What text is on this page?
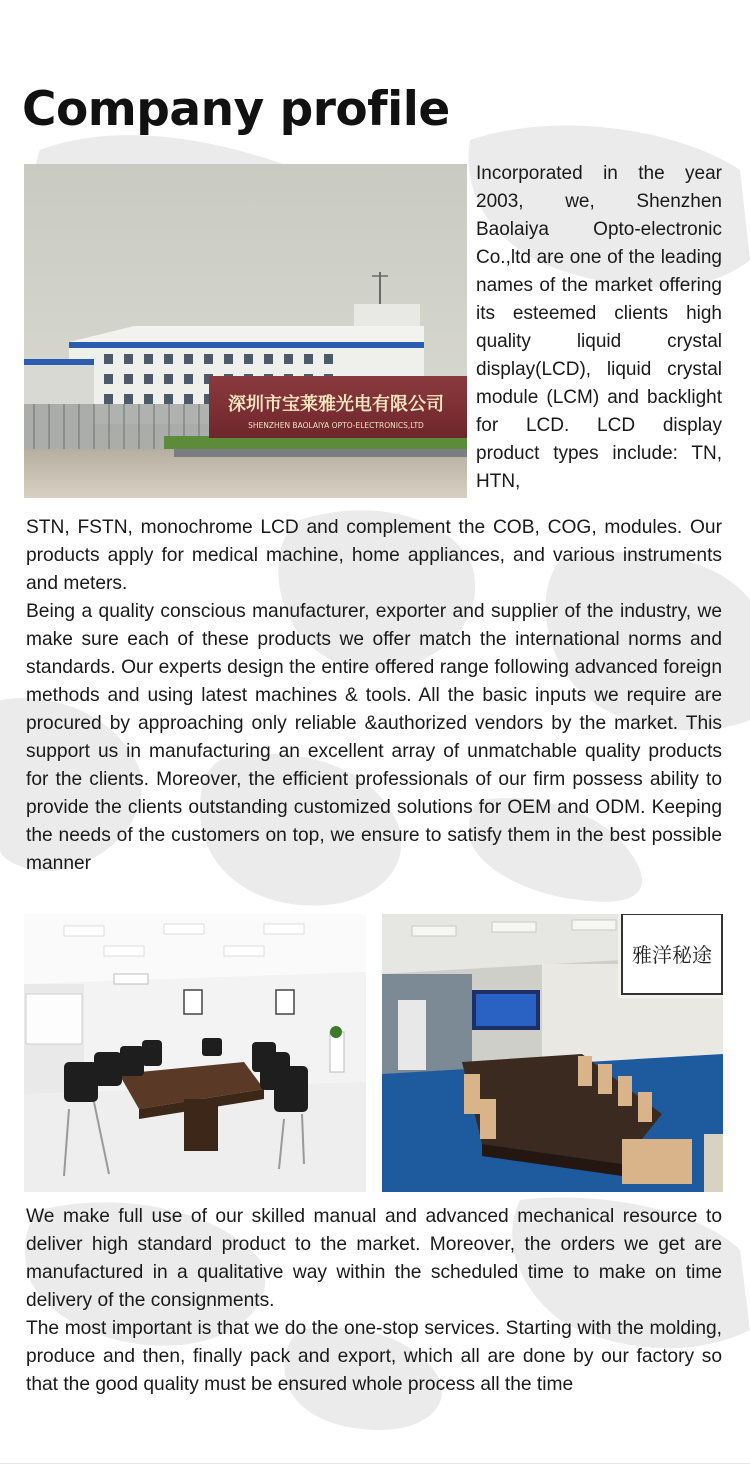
Company profile
深圳市宝莱雅光电有限公司
SHENZHEN BAOLAIYA OPTO-ELECTRONICS,LTD

Incorporated in the year 2003, we, Shenzhen Baolaiya Opto-electronic Co.,ltd are one of the leading names of the market offering its esteemed clients high quality liquid crystal display(LCD), liquid crystal module (LCM) and backlight for LCD. LCD display product types include: TN, HTN,

STN, FSTN, monochrome LCD and complement the COB, COG, modules. Our products apply for medical machine, home appliances, and various instruments and meters.

Being a quality conscious manufacturer, exporter and supplier of the industry, we make sure each of these products we offer match the international norms and standards. Our experts design the entire offered range following advanced foreign methods and using latest machines & tools. All the basic inputs we require are procured by approaching only reliable &authorized vendors by the market. This support us in manufacturing an excellent array of unmatchable quality products for the clients. Moreover, the efficient professionals of our firm possess ability to provide the clients outstanding customized solutions for OEM and ODM. Keeping the needs of the customers on top, we ensure to satisfy them in the best possible manner

雅洋秘途

We make full use of our skilled manual and advanced mechanical resource to deliver high standard product to the market. Moreover, the orders we get are manufactured in a qualitative way within the scheduled time to make on time delivery of the consignments.

The most important is that we do the one-stop services. Starting with the molding, produce and then, finally pack and export, which all are done by our factory so that the good quality must be ensured whole process all the time
